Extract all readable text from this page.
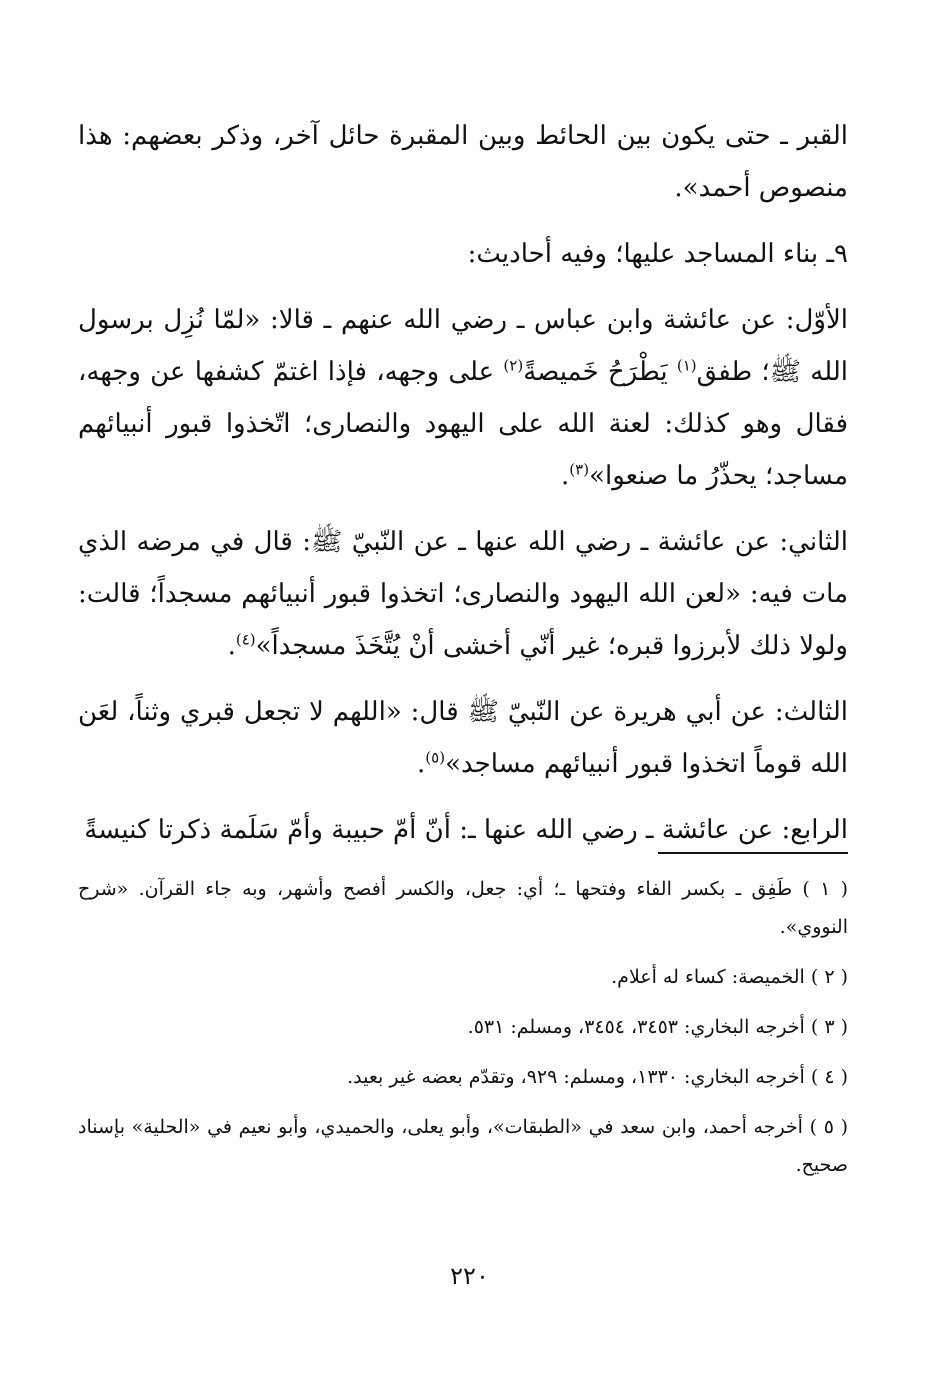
القبر ـ حتى يكون بين الحائط وبين المقبرة حائل آخر، وذكر بعضهم: هذا منصوص أحمد».

٩ـ بناء المساجد عليها؛ وفيه أحاديث:

الأوّل: عن عائشة وابن عباس ـ رضي الله عنهم ـ قالا: «لمّا نُزِل برسول الله ﷺ؛ طفق$^{(١)}$ يَطْرَحُ خَميصةً$^{(٢)}$ على وجهه، فإذا اغتمّ كشفها عن وجهه، فقال وهو كذلك: لعنة الله على اليهود والنصارى؛ اتّخذوا قبور أنبيائهم مساجد؛ يحذّرُ ما صنعوا»$^{(٣)}$.

الثاني: عن عائشة ـ رضي الله عنها ـ عن النّبيّ ﷺ: قال في مرضه الذي مات فيه: «لعن الله اليهود والنصارى؛ اتخذوا قبور أنبيائهم مسجداً؛ قالت: ولولا ذلك لأبرزوا قبره؛ غير أنّي أخشى أنْ يُتَّخَذَ مسجداً»$^{(٤)}$.

الثالث: عن أبي هريرة عن النّبيّ ﷺ قال: «اللهم لا تجعل قبري وثناً، لعَن الله قوماً اتخذوا قبور أنبيائهم مساجد»$^{(٥)}$.

الرابع: عن عائشة ـ رضي الله عنها ـ: أنّ أمّ حبيبة وأمّ سَلَمة ذكرتا كنيسةً

( ١ ) طَفِق ـ بكسر الفاء وفتحها ـ؛ أي: جعل، والكسر أفصح وأشهر، وبه جاء القرآن. «شرح النووي».

( ٢ ) الخميصة: كساء له أعلام.

( ٣ ) أخرجه البخاري: ٣٤٥٣، ٣٤٥٤، ومسلم: ٥٣١.

( ٤ ) أخرجه البخاري: ١٣٣٠، ومسلم: ٩٢٩، وتقدّم بعضه غير بعيد.

( ٥ ) أخرجه أحمد، وابن سعد في «الطبقات»، وأبو يعلى، والحميدي، وأبو نعيم في «الحلية» بإسناد صحيح.

٢٢٠
